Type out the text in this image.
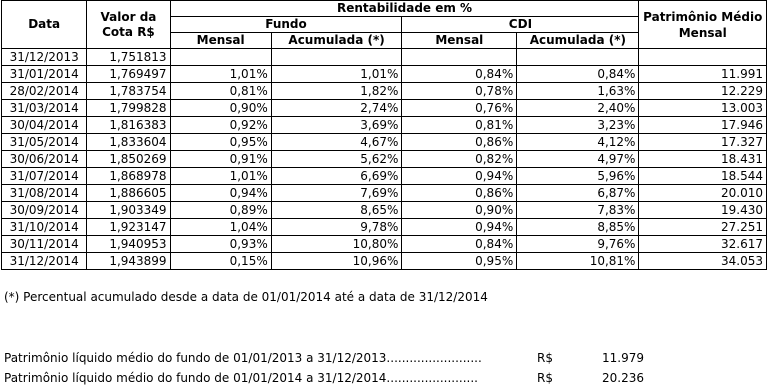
Data	Valor da Cota R$	Rentabilidade em %				Patrimônio Médio Mensal
		Fundo		CDI		
		Mensal	Acumulada (*)	Mensal	Acumulada (*)	
31/12/2013	1,751813					
31/01/2014	1,769497	1,01%	1,01%	0,84%	0,84%	11.991
28/02/2014	1,783754	0,81%	1,82%	0,78%	1,63%	12.229
31/03/2014	1,799828	0,90%	2,74%	0,76%	2,40%	13.003
30/04/2014	1,816383	0,92%	3,69%	0,81%	3,23%	17.946
31/05/2014	1,833604	0,95%	4,67%	0,86%	4,12%	17.327
30/06/2014	1,850269	0,91%	5,62%	0,82%	4,97%	18.431
31/07/2014	1,868978	1,01%	6,69%	0,94%	5,96%	18.544
31/08/2014	1,886605	0,94%	7,69%	0,86%	6,87%	20.010
30/09/2014	1,903349	0,89%	8,65%	0,90%	7,83%	19.430
31/10/2014	1,923147	1,04%	9,78%	0,94%	8,85%	27.251
30/11/2014	1,940953	0,93%	10,80%	0,84%	9,76%	32.617
31/12/2014	1,943899	0,15%	10,96%	0,95%	10,81%	34.053
(*) Percentual acumulado desde a data de 01/01/2014 até a data de 31/12/2014
Patrimônio líquido médio do fundo de 01/01/2013 a 31/12/2013.........................	R$	11.979
Patrimônio líquido médio do fundo de 01/01/2014 a 31/12/2014........................	R$	20.236
